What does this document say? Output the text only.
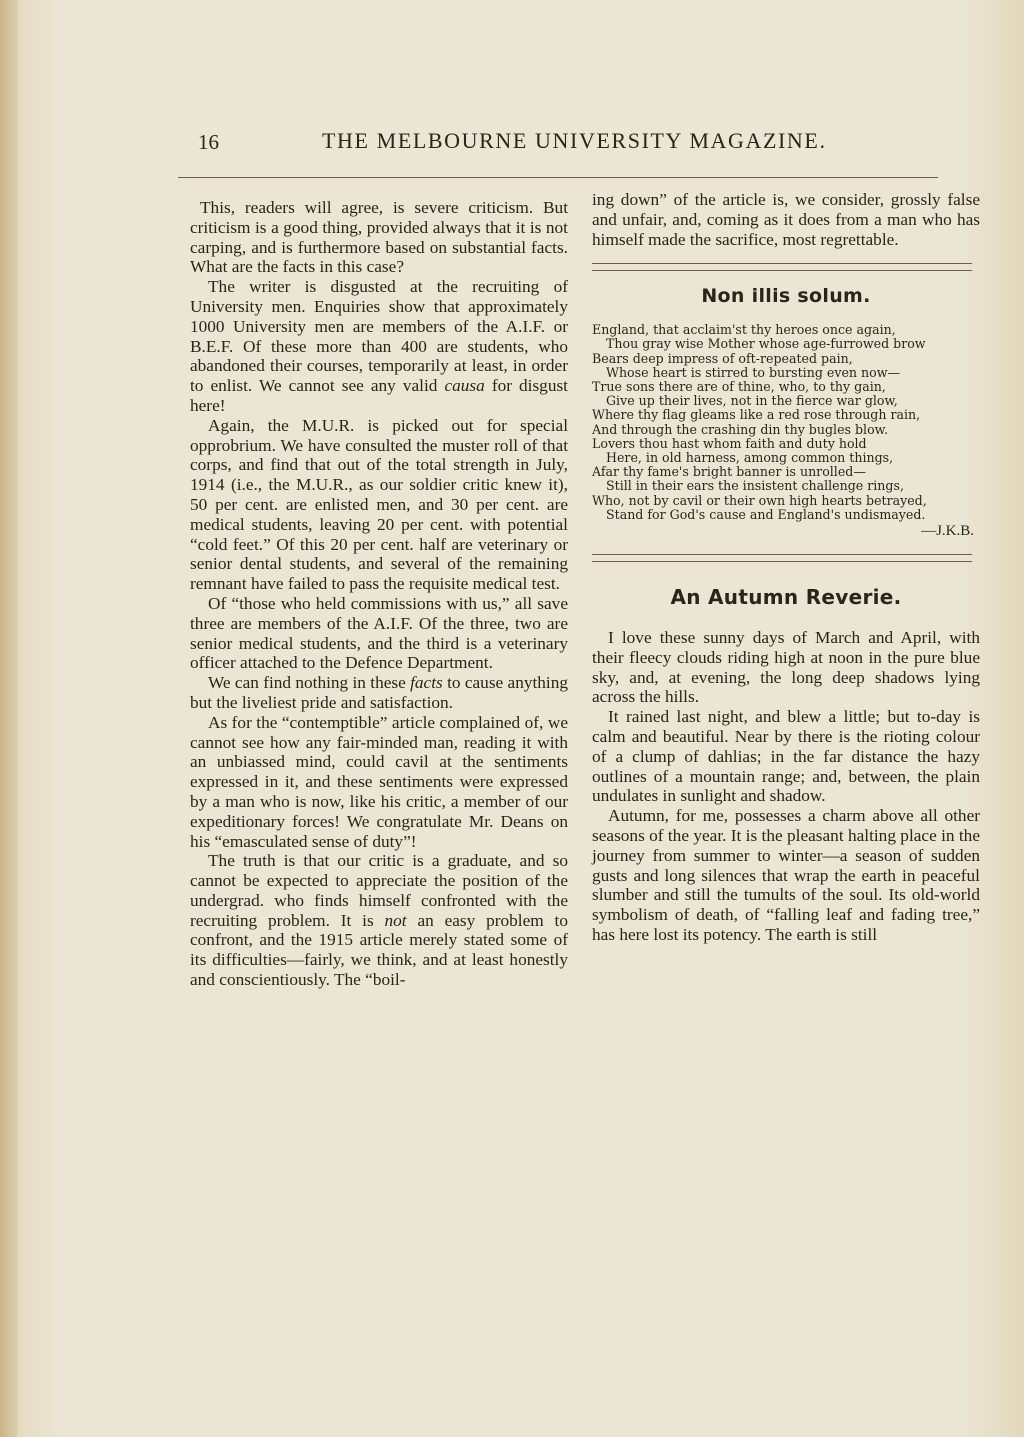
16	THE MELBOURNE UNIVERSITY MAGAZINE.

This, readers will agree, is severe criticism. But criticism is a good thing, provided always that it is not carping, and is furthermore based on substantial facts. What are the facts in this case?

The writer is disgusted at the recruiting of University men. Enquiries show that approximately 1000 University men are members of the A.I.F. or B.E.F. Of these more than 400 are students, who abandoned their courses, temporarily at least, in order to enlist. We cannot see any valid causa for disgust here!

Again, the M.U.R. is picked out for special opprobrium. We have consulted the muster roll of that corps, and find that out of the total strength in July, 1914 (i.e., the M.U.R., as our soldier critic knew it), 50 per cent. are enlisted men, and 30 per cent. are medical students, leaving 20 per cent. with potential “cold feet.” Of this 20 per cent. half are veterinary or senior dental students, and several of the remaining remnant have failed to pass the requisite medical test.

Of “those who held commissions with us,” all save three are members of the A.I.F. Of the three, two are senior medical students, and the third is a veterinary officer attached to the Defence Department.

We can find nothing in these facts to cause anything but the liveliest pride and satisfaction.

As for the “contemptible” article complained of, we cannot see how any fair-minded man, reading it with an unbiassed mind, could cavil at the sentiments expressed in it, and these sentiments were expressed by a man who is now, like his critic, a member of our expeditionary forces! We congratulate Mr. Deans on his “emasculated sense of duty”!

The truth is that our critic is a graduate, and so cannot be expected to appreciate the position of the undergrad. who finds himself confronted with the recruiting problem. It is not an easy problem to confront, and the 1915 article merely stated some of its difficulties—fairly, we think, and at least honestly and conscientiously. The “boil-

ing down” of the article is, we consider, grossly false and unfair, and, coming as it does from a man who has himself made the sacrifice, most regrettable.

Non illis solum.
England, that acclaim'st thy heroes once again,
Thou gray wise Mother whose age-furrowed brow
Bears deep impress of oft-repeated pain,
Whose heart is stirred to bursting even now—
True sons there are of thine, who, to thy gain,
Give up their lives, not in the fierce war glow,
Where thy flag gleams like a red rose through rain,
And through the crashing din thy bugles blow.
Lovers thou hast whom faith and duty hold
Here, in old harness, among common things,
Afar thy fame's bright banner is unrolled—
Still in their ears the insistent challenge rings,
Who, not by cavil or their own high hearts betrayed,
Stand for God's cause and England's undismayed.
—J.K.B.
An Autumn Reverie.

I love these sunny days of March and April, with their fleecy clouds riding high at noon in the pure blue sky, and, at evening, the long deep shadows lying across the hills.

It rained last night, and blew a little; but to-day is calm and beautiful. Near by there is the rioting colour of a clump of dahlias; in the far distance the hazy outlines of a mountain range; and, between, the plain undulates in sunlight and shadow.

Autumn, for me, possesses a charm above all other seasons of the year. It is the pleasant halting place in the journey from summer to winter—a season of sudden gusts and long silences that wrap the earth in peaceful slumber and still the tumults of the soul. Its old-world symbolism of death, of “falling leaf and fading tree,” has here lost its potency. The earth is still
